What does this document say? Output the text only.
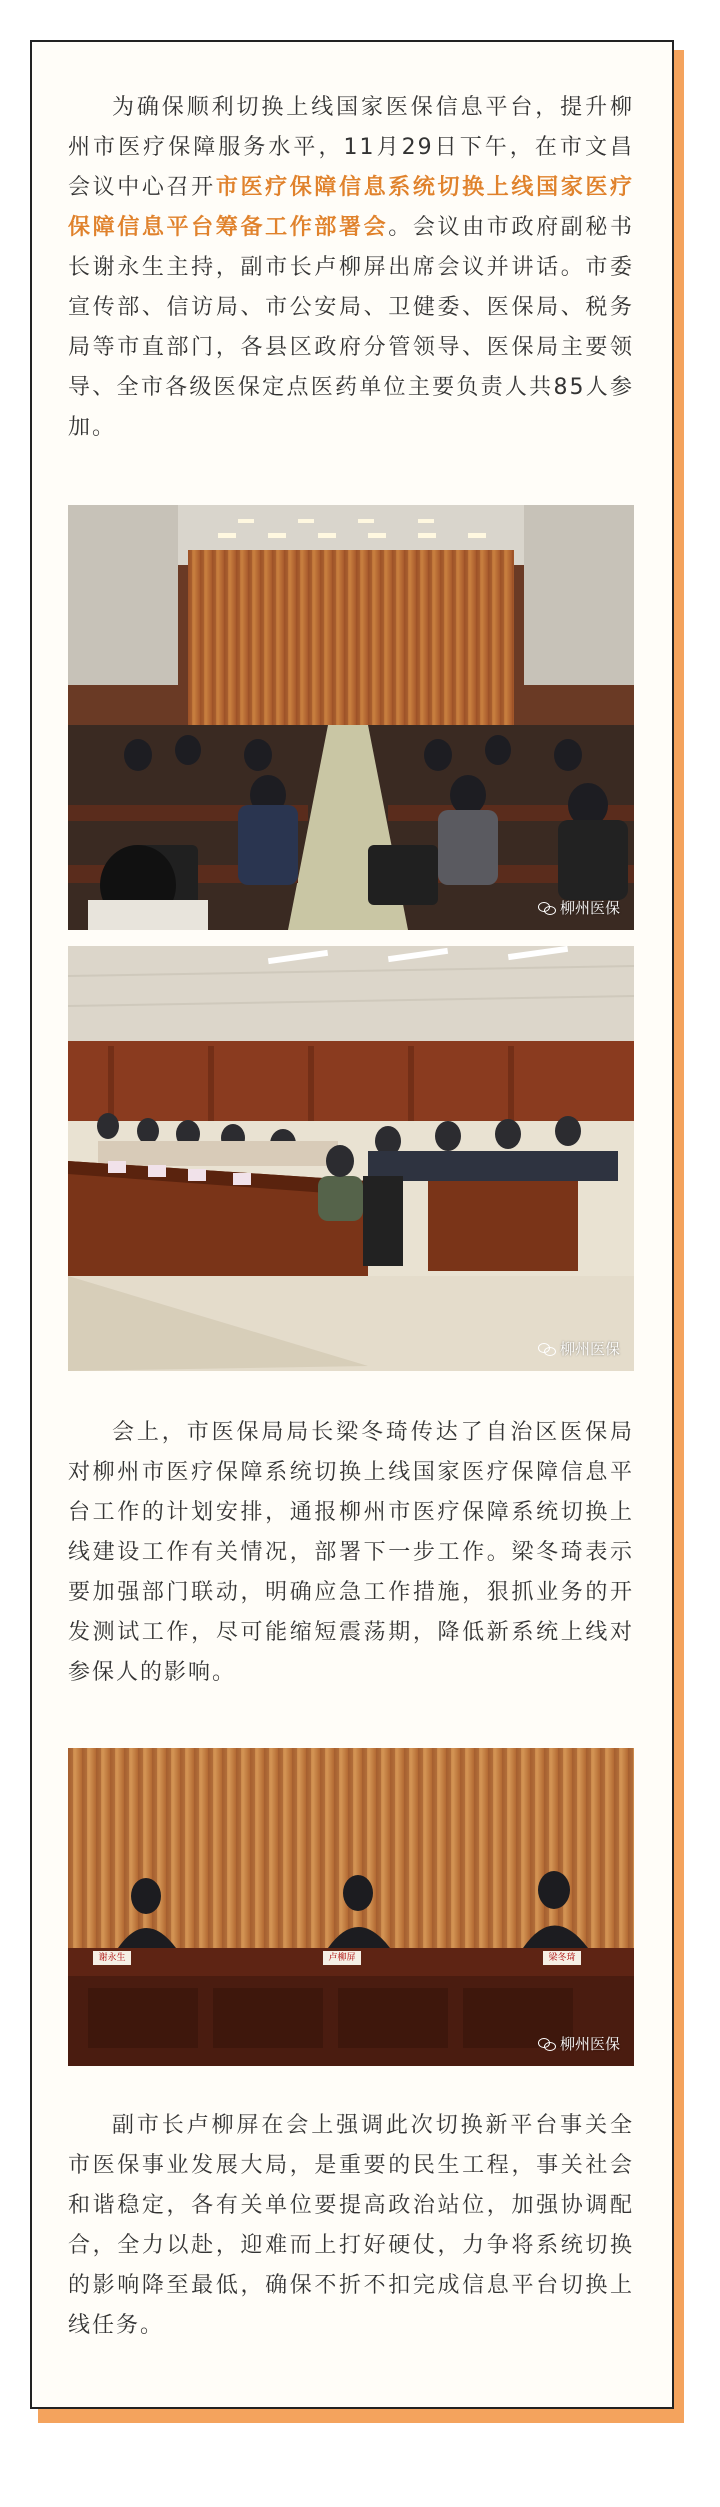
为确保顺利切换上线国家医保信息平台，提升柳州市医疗保障服务水平，11月29日下午，在市文昌会议中心召开市医疗保障信息系统切换上线国家医疗保障信息平台筹备工作部署会。会议由市政府副秘书长谢永生主持，副市长卢柳屏出席会议并讲话。市委宣传部、信访局、市公安局、卫健委、医保局、税务局等市直部门，各县区政府分管领导、医保局主要领导、全市各级医保定点医药单位主要负责人共85人参加。

柳州医保
柳州医保

会上，市医保局局长梁冬琦传达了自治区医保局对柳州市医疗保障系统切换上线国家医疗保障信息平台工作的计划安排，通报柳州市医疗保障系统切换上线建设工作有关情况，部署下一步工作。梁冬琦表示要加强部门联动，明确应急工作措施，狠抓业务的开发测试工作，尽可能缩短震荡期，降低新系统上线对参保人的影响。

谢永生	卢柳屏	梁冬琦
柳州医保

副市长卢柳屏在会上强调此次切换新平台事关全市医保事业发展大局，是重要的民生工程，事关社会和谐稳定，各有关单位要提高政治站位，加强协调配合，全力以赴，迎难而上打好硬仗，力争将系统切换的影响降至最低，确保不折不扣完成信息平台切换上线任务。
